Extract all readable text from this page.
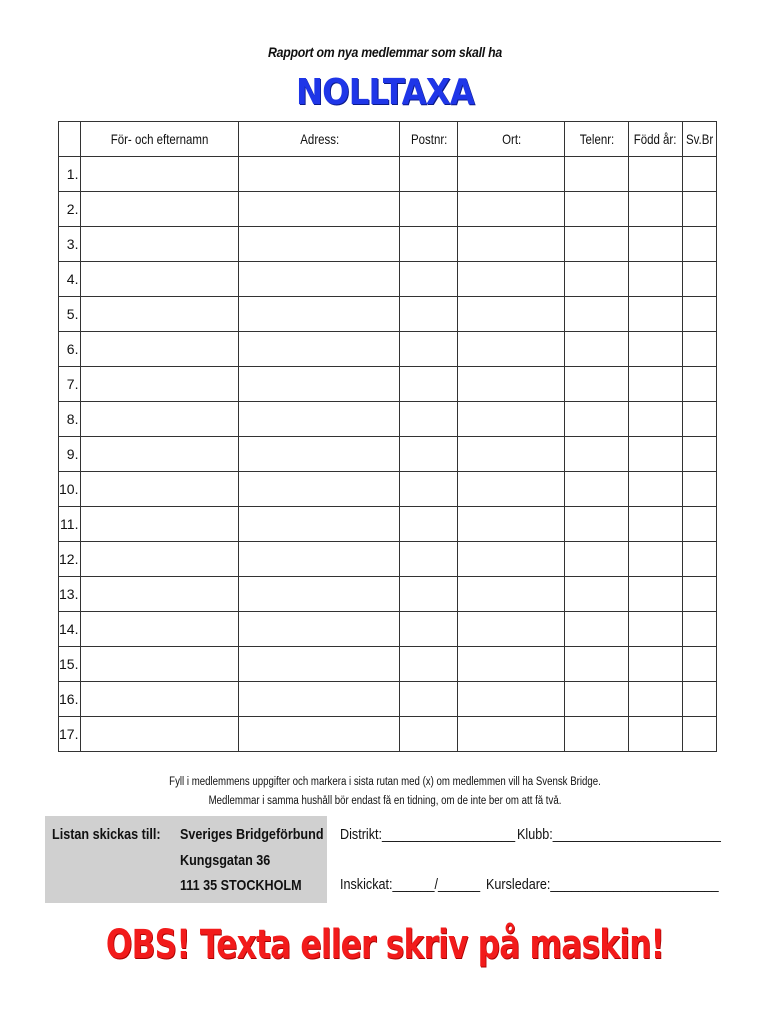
Rapport om nya medlemmar som skall ha
NOLLTAXA
	För- och efternamn	Adress:	Postnr:	Ort:	Telenr:	Född år:	Sv.Br
1.							
2.							
3.							
4.							
5.							
6.							
7.							
8.							
9.							
10.							
11.							
12.							
13.							
14.							
15.							
16.							
17.							
Fyll i medlemmens uppgifter och markera i sista rutan med (x) om medlemmen vill ha Svensk Bridge.
Medlemmar i samma hushåll bör endast få en tidning, om de inte ber om att få två.
Listan skickas till: Sveriges Bridgeförbund
Kungsgatan 36
111 35 STOCKHOLM
Distrikt:___________________ Klubb:________________________
Inskickat:______/______ Kursledare:________________________
OBS! Texta eller skriv på maskin!
